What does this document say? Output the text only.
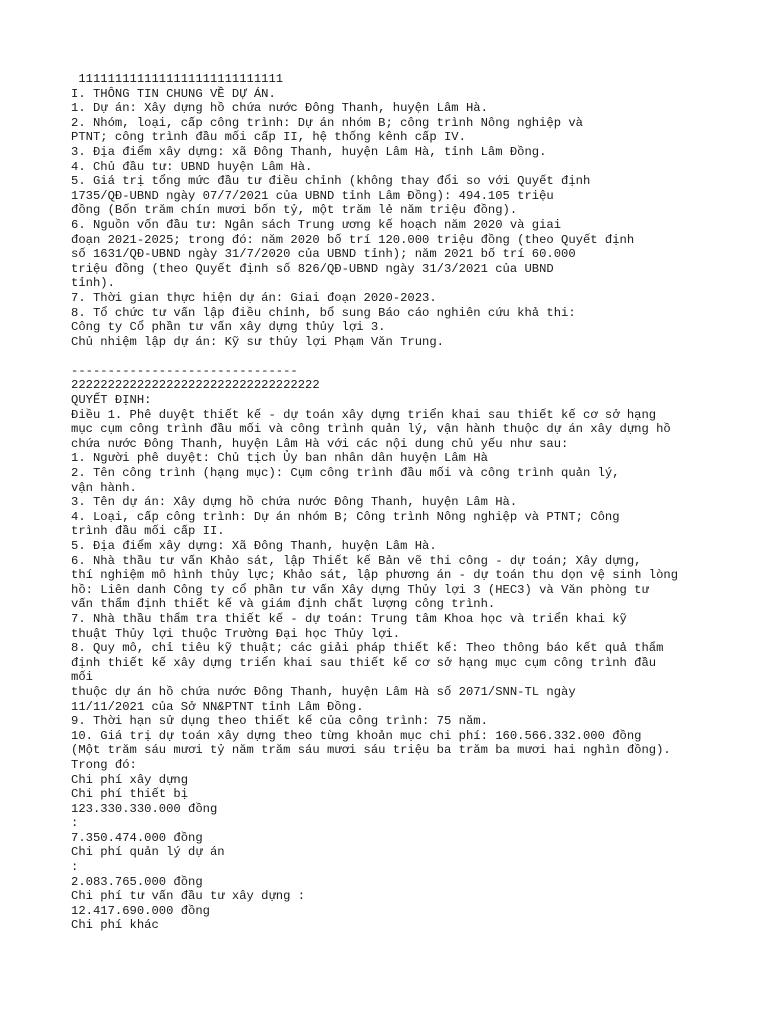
1111111111111111111111111111
I. THÔNG TIN CHUNG VỀ DỰ ÁN.
1. Dự án: Xây dựng hồ chứa nước Đông Thanh, huyện Lâm Hà.
2. Nhóm, loại, cấp công trình: Dự án nhóm B; công trình Nông nghiệp và
PTNT; công trình đầu mối cấp II, hệ thống kênh cấp IV.
3. Địa điểm xây dựng: xã Đông Thanh, huyện Lâm Hà, tỉnh Lâm Đồng.
4. Chủ đầu tư: UBND huyện Lâm Hà.
5. Giá trị tổng mức đầu tư điều chỉnh (không thay đổi so với Quyết định
1735/QĐ-UBND ngày 07/7/2021 của UBND tỉnh Lâm Đồng): 494.105 triệu
đồng (Bốn trăm chín mươi bốn tỷ, một trăm lẻ năm triệu đồng).
6. Nguồn vốn đầu tư: Ngân sách Trung ương kế hoạch năm 2020 và giai
đoạn 2021-2025; trong đó: năm 2020 bố trí 120.000 triệu đồng (theo Quyết định
số 1631/QĐ-UBND ngày 31/7/2020 của UBND tỉnh); năm 2021 bố trí 60.000
triệu đồng (theo Quyết định số 826/QĐ-UBND ngày 31/3/2021 của UBND
tỉnh).
7. Thời gian thực hiện dự án: Giai đoạn 2020-2023.
8. Tổ chức tư vấn lập điều chỉnh, bổ sung Báo cáo nghiên cứu khả thi:
Công ty Cổ phần tư vấn xây dựng thủy lợi 3.
Chủ nhiệm lập dự án: Kỹ sư thủy lợi Phạm Văn Trung.
-------------------------------
2222222222222222222222222222222222
QUYẾT ĐỊNH:
Điều 1. Phê duyệt thiết kế - dự toán xây dựng triển khai sau thiết kế cơ sở hạng
mục cụm công trình đầu mối và công trình quản lý, vận hành thuộc dự án xây dựng hồ
chứa nước Đông Thanh, huyện Lâm Hà với các nội dung chủ yếu như sau:
1. Người phê duyệt: Chủ tịch Ủy ban nhân dân huyện Lâm Hà
2. Tên công trình (hạng mục): Cụm công trình đầu mối và công trình quản lý,
vận hành.
3. Tên dự án: Xây dựng hồ chứa nước Đông Thanh, huyện Lâm Hà.
4. Loại, cấp công trình: Dự án nhóm B; Công trình Nông nghiệp và PTNT; Công
trình đầu mối cấp II.
5. Địa điểm xây dựng: Xã Đông Thanh, huyện Lâm Hà.
6. Nhà thầu tư vấn Khảo sát, lập Thiết kế Bản vẽ thi công - dự toán; Xây dựng,
thí nghiệm mô hình thủy lực; Khảo sát, lập phương án - dự toán thu dọn vệ sinh lòng
hồ: Liên danh Công ty cổ phần tư vấn Xây dựng Thủy lợi 3 (HEC3) và Văn phòng tư
vấn thẩm định thiết kế và giám định chất lượng công trình.
7. Nhà thầu thẩm tra thiết kế - dự toán: Trung tâm Khoa học và triển khai kỹ
thuật Thủy lợi thuộc Trường Đại học Thủy lợi.
8. Quy mô, chỉ tiêu kỹ thuật; các giải pháp thiết kế: Theo thông báo kết quả thẩm
định thiết kế xây dựng triển khai sau thiết kế cơ sở hạng mục cụm công trình đầu
mối
thuộc dự án hồ chứa nước Đông Thanh, huyện Lâm Hà số 2071/SNN-TL ngày
11/11/2021 của Sở NN&PTNT tỉnh Lâm Đồng.
9. Thời hạn sử dụng theo thiết kế của công trình: 75 năm.
10. Giá trị dự toán xây dựng theo từng khoản mục chi phí: 160.566.332.000 đồng
(Một trăm sáu mươi tỷ năm trăm sáu mươi sáu triệu ba trăm ba mươi hai nghìn đồng).
Trong đó:
Chi phí xây dựng
Chi phí thiết bị
123.330.330.000 đồng
:
7.350.474.000 đồng
Chi phí quản lý dự án
:
2.083.765.000 đồng
Chi phí tư vấn đầu tư xây dựng :
12.417.690.000 đồng
Chi phí khác
